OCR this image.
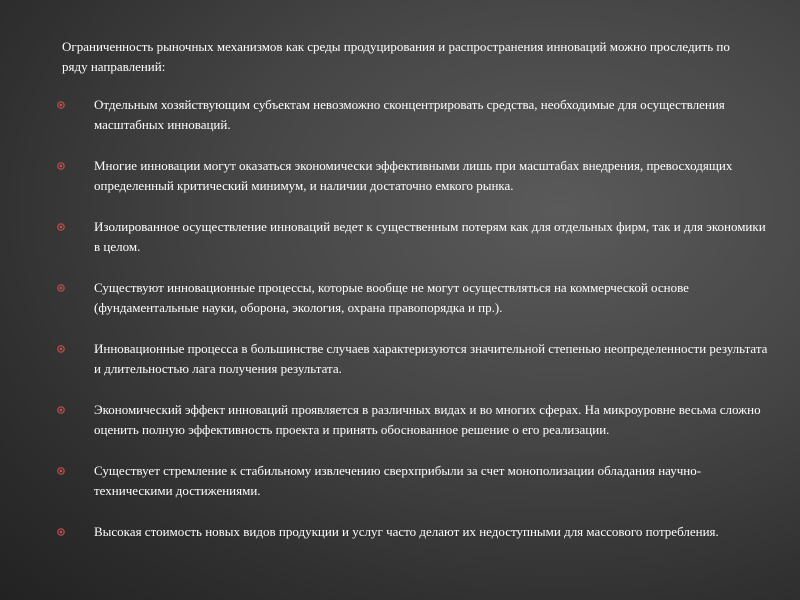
Ограниченность рыночных механизмов как среды продуцирования и распространения инноваций можно проследить по ряду направлений:
Отдельным хозяйствующим субъектам невозможно сконцентрировать средства, необходимые для осуществления масштабных инноваций.
Многие инновации могут оказаться экономически эффективными лишь при масштабах внедрения, превосходящих определенный критический минимум, и наличии достаточно емкого рынка.
Изолированное осуществление инноваций ведет к существенным потерям как для отдельных фирм, так и для экономики в целом.
Существуют инновационные процессы, которые вообще не могут осуществляться на коммерческой основе (фундаментальные науки, оборона, экология, охрана правопорядка и пр.).
Инновационные процесса в большинстве случаев характеризуются значительной степенью неопределенности результата и длительностью лага получения результата.
Экономический эффект инноваций проявляется в различных видах и во многих сферах. На микроуровне весьма сложно оценить полную эффективность проекта и принять обоснованное решение о его реализации.
Существует стремление к стабильному извлечению сверхприбыли за счет монополизации обладания научно-техническими достижениями.
Высокая стоимость новых видов продукции и услуг часто делают их недоступными для массового потребления.
